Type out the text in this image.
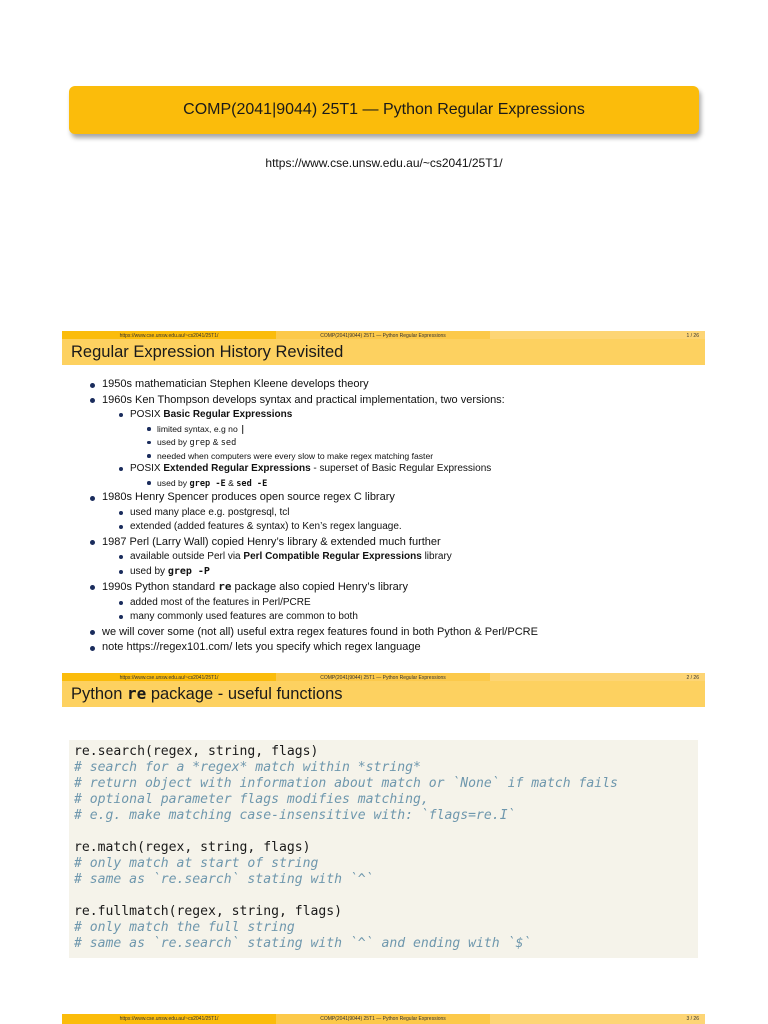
COMP(2041|9044) 25T1 — Python Regular Expressions
https://www.cse.unsw.edu.au/~cs2041/25T1/
https://www.cse.unsw.edu.au/~cs2041/25T1/	COMP(2041|9044) 25T1 — Python Regular Expressions	1 / 26
Regular Expression History Revisited
1950s mathematician Stephen Kleene develops theory
1960s Ken Thompson develops syntax and practical implementation, two versions:
POSIX Basic Regular Expressions
limited syntax, e.g no |
used by grep & sed
needed when computers were every slow to make regex matching faster
POSIX Extended Regular Expressions - superset of Basic Regular Expressions
used by grep -E & sed -E
1980s Henry Spencer produces open source regex C library
used many place e.g. postgresql, tcl
extended (added features & syntax) to Ken’s regex language.
1987 Perl (Larry Wall) copied Henry’s library & extended much further
available outside Perl via Perl Compatible Regular Expressions library
used by grep -P
1990s Python standard re package also copied Henry’s library
added most of the features in Perl/PCRE
many commonly used features are common to both
we will cover some (not all) useful extra regex features found in both Python & Perl/PCRE
note https://regex101.com/ lets you specify which regex language
https://www.cse.unsw.edu.au/~cs2041/25T1/	COMP(2041|9044) 25T1 — Python Regular Expressions	2 / 26
Python re package - useful functions
re.search(regex, string, flags)
# search for a *regex* match within *string*
# return object with information about match or `None` if match fails
# optional parameter flags modifies matching,
# e.g. make matching case-insensitive with: `flags=re.I`
re.match(regex, string, flags)
# only match at start of string
# same as `re.search` stating with `^`
re.fullmatch(regex, string, flags)
# only match the full string
# same as `re.search` stating with `^` and ending with `$`
https://www.cse.unsw.edu.au/~cs2041/25T1/	COMP(2041|9044) 25T1 — Python Regular Expressions	3 / 26
